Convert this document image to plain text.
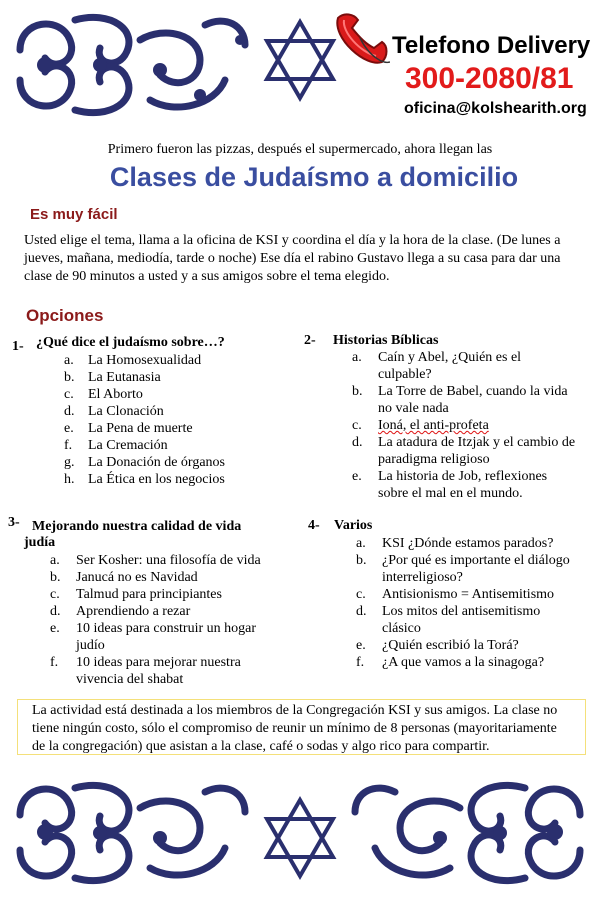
Telefono Delivery
300-2080/81
oficina@kolshearith.org
Primero fueron las pizzas, después el supermercado, ahora llegan las
Clases de Judaísmo a domicilio
Es muy fácil
Usted elige el tema, llama a la oficina de KSI y coordina el día y la hora de la clase. (De lunes a
jueves, mañana, mediodía, tarde o noche) Ese día el rabino Gustavo llega a su casa para dar una
clase de 90 minutos a usted y a sus amigos sobre el tema elegido.
Opciones
1- ¿Qué dice el judaísmo sobre…?
a. La Homosexualidad
b. La Eutanasia
c. El Aborto
d. La Clonación
e. La Pena de muerte
f. La Cremación
g. La Donación de órganos
h. La Ética en los negocios
2- Historias Bíblicas
a. Caín y Abel, ¿Quién es el
culpable?
b. La Torre de Babel, cuando la vida
no vale nada
c. Ioná, el anti-profeta
d. La atadura de Itzjak y el cambio de
paradigma religioso
e. La historia de Job, reflexiones
sobre el mal en el mundo.
3- Mejorando nuestra calidad de vida
judía
a. Ser Kosher: una filosofía de vida
b. Janucá no es Navidad
c. Talmud para principiantes
d. Aprendiendo a rezar
e. 10 ideas para construir un hogar
judío
f. 10 ideas para mejorar nuestra
vivencia del shabat
4- Varios
a. KSI ¿Dónde estamos parados?
b. ¿Por qué es importante el diálogo
interreligioso?
c. Antisionismo = Antisemitismo
d. Los mitos del antisemitismo
clásico
e. ¿Quién escribió la Torá?
f. ¿A que vamos a la sinagoga?
La actividad está destinada a los miembros de la Congregación KSI y sus amigos. La clase no
tiene ningún costo, sólo el compromiso de reunir un mínimo de 8 personas (mayoritariamente
de la congregación) que asistan a la clase, café o sodas y algo rico para compartir.
